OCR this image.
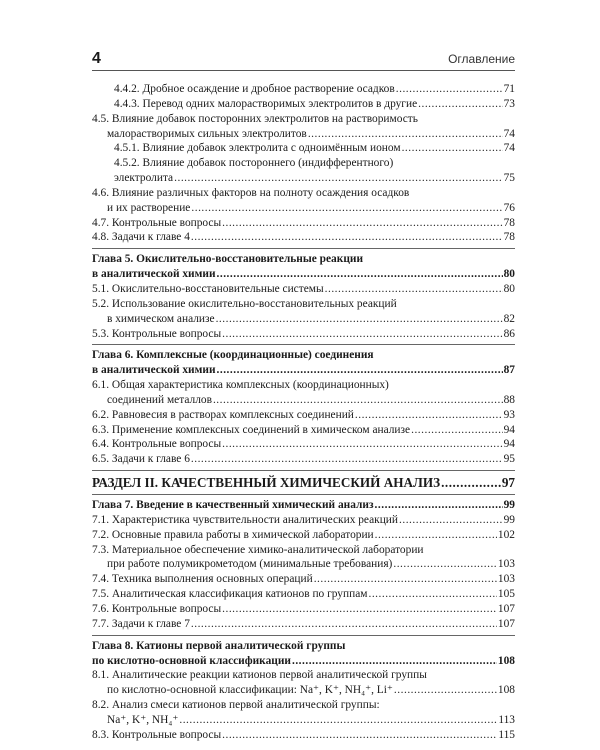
4	Оглавление
4.4.2. Дробное осаждение и дробное растворение осадков .....	71
4.4.3. Перевод одних малорастворимых электролитов в другие .....	73
4.5. Влияние добавок посторонних электролитов на растворимость
малорастворимых сильных электролитов .....	74
4.5.1. Влияние добавок электролита с одноимённым ионом .....	74
4.5.2. Влияние добавок постороннего (индифферентного)
электролита .....	75
4.6. Влияние различных факторов на полноту осаждения осадков
и их растворение .....	76
4.7. Контрольные вопросы .....	78
4.8. Задачи к главе 4 .....	78
Глава 5. Окислительно-восстановительные реакции
в аналитической химии .....	80
5.1. Окислительно-восстановительные системы .....	80
5.2. Использование окислительно-восстановительных реакций
в химическом анализе .....	82
5.3. Контрольные вопросы .....	86
Глава 6. Комплексные (координационные) соединения
в аналитической химии .....	87
6.1. Общая характеристика комплексных (координационных)
соединений металлов .....	88
6.2. Равновесия в растворах комплексных соединений .....	93
6.3. Применение комплексных соединений в химическом анализе .....	94
6.4. Контрольные вопросы .....	94
6.5. Задачи к главе 6 .....	95
РАЗДЕЛ II. КАЧЕСТВЕННЫЙ ХИМИЧЕСКИЙ АНАЛИЗ .....	97
Глава 7. Введение в качественный химический анализ .....	99
7.1. Характеристика чувствительности аналитических реакций .....	99
7.2. Основные правила работы в химической лаборатории .....	102
7.3. Материальное обеспечение химико-аналитической лаборатории
при работе полумикрометодом (минимальные требования) .....	103
7.4. Техника выполнения основных операций .....	103
7.5. Аналитическая классификация катионов по группам .....	105
7.6. Контрольные вопросы .....	107
7.7. Задачи к главе 7 .....	107
Глава 8. Катионы первой аналитической группы
по кислотно-основной классификации .....	108
8.1. Аналитические реакции катионов первой аналитической группы
по кислотно-основной классификации: Na⁺, K⁺, NH₄⁺, Li⁺ .....	108
8.2. Анализ смеси катионов первой аналитической группы:
Na⁺, K⁺, NH₄⁺ .....	113
8.3. Контрольные вопросы .....	115
